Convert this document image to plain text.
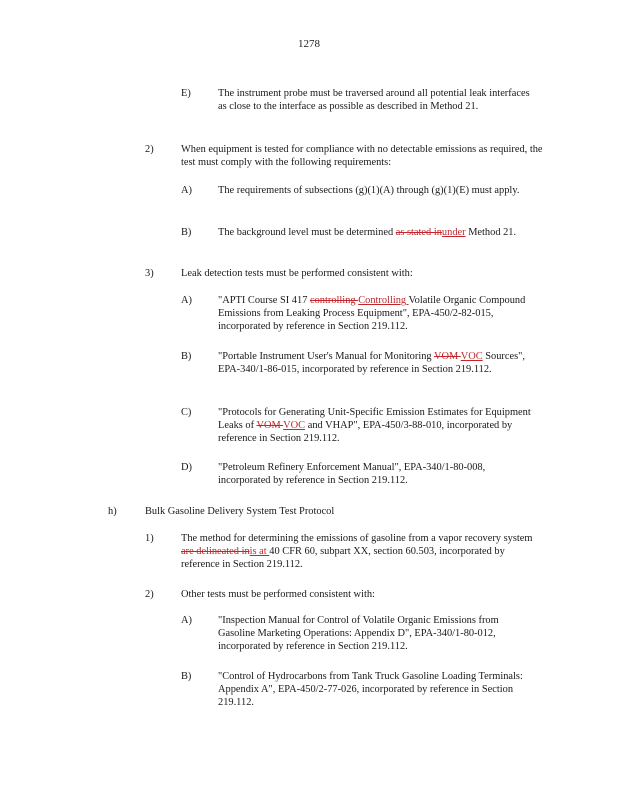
1278
E)	The instrument probe must be traversed around all potential leak interfaces as close to the interface as possible as described in Method 21.
2)	When equipment is tested for compliance with no detectable emissions as required, the test must comply with the following requirements:
A)	The requirements of subsections (g)(1)(A) through (g)(1)(E) must apply.
B)	The background level must be determined as stated inunder Method 21.
3)	Leak detection tests must be performed consistent with:
A)	"APTI Course SI 417 controlling Controlling Volatile Organic Compound Emissions from Leaking Process Equipment", EPA-450/2-82-015, incorporated by reference in Section 219.112.
B)	"Portable Instrument User's Manual for Monitoring VOM VOC Sources", EPA-340/1-86-015, incorporated by reference in Section 219.112.
C)	"Protocols for Generating Unit-Specific Emission Estimates for Equipment Leaks of VOM VOC and VHAP", EPA-450/3-88-010, incorporated by reference in Section 219.112.
D)	"Petroleum Refinery Enforcement Manual", EPA-340/1-80-008, incorporated by reference in Section 219.112.
h)	Bulk Gasoline Delivery System Test Protocol
1)	The method for determining the emissions of gasoline from a vapor recovery system are delineated inis at 40 CFR 60, subpart XX, section 60.503, incorporated by reference in Section 219.112.
2)	Other tests must be performed consistent with:
A)	"Inspection Manual for Control of Volatile Organic Emissions from Gasoline Marketing Operations: Appendix D", EPA-340/1-80-012, incorporated by reference in Section 219.112.
B)	"Control of Hydrocarbons from Tank Truck Gasoline Loading Terminals: Appendix A", EPA-450/2-77-026, incorporated by reference in Section 219.112.
